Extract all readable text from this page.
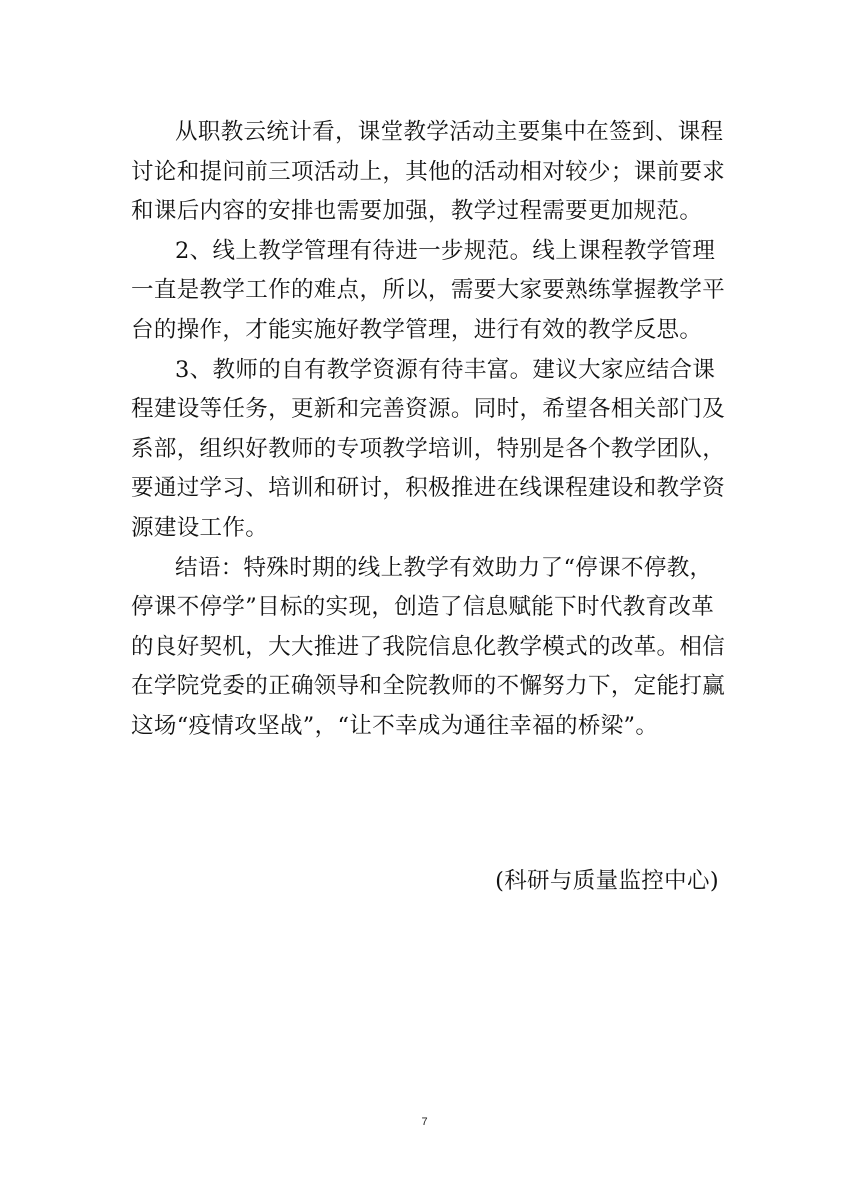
从职教云统计看，课堂教学活动主要集中在签到、课程
讨论和提问前三项活动上，其他的活动相对较少；课前要求
和课后内容的安排也需要加强，教学过程需要更加规范。
2、线上教学管理有待进一步规范。线上课程教学管理
一直是教学工作的难点，所以，需要大家要熟练掌握教学平
台的操作，才能实施好教学管理，进行有效的教学反思。
3、教师的自有教学资源有待丰富。建议大家应结合课
程建设等任务，更新和完善资源。同时，希望各相关部门及
系部，组织好教师的专项教学培训，特别是各个教学团队，
要通过学习、培训和研讨，积极推进在线课程建设和教学资
源建设工作。
结语：特殊时期的线上教学有效助力了“停课不停教，
停课不停学”目标的实现，创造了信息赋能下时代教育改革
的良好契机，大大推进了我院信息化教学模式的改革。相信
在学院党委的正确领导和全院教师的不懈努力下，定能打赢
这场“疫情攻坚战”，“让不幸成为通往幸福的桥梁”。
(科研与质量监控中心)
7
